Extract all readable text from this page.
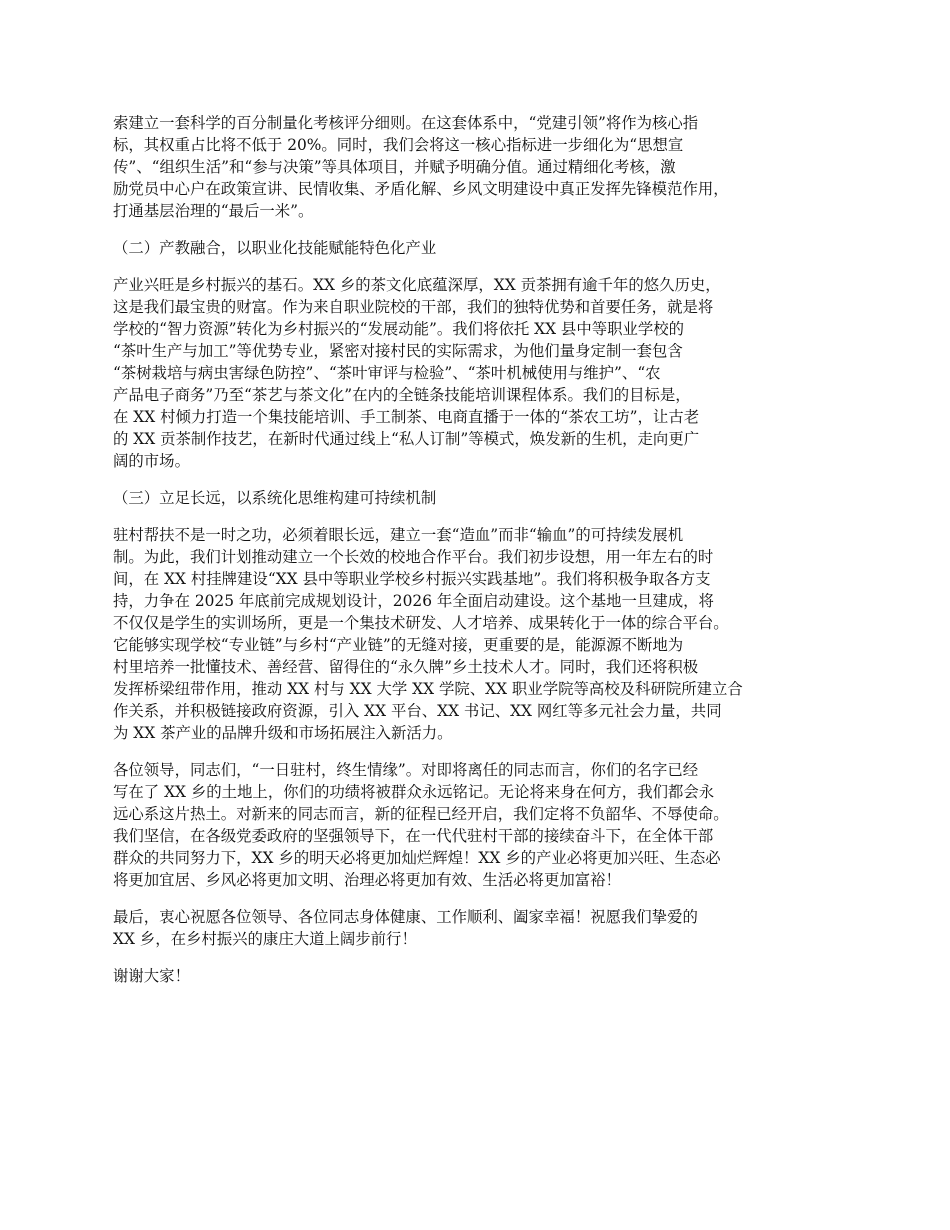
索建立一套科学的百分制量化考核评分细则。在这套体系中，“党建引领”将作为核心指
标，其权重占比将不低于 20%。同时，我们会将这一核心指标进一步细化为“思想宣
传”、“组织生活”和“参与决策”等具体项目，并赋予明确分值。通过精细化考核，激
励党员中心户在政策宣讲、民情收集、矛盾化解、乡风文明建设中真正发挥先锋模范作用，
打通基层治理的“最后一米”。

（二）产教融合，以职业化技能赋能特色化产业

产业兴旺是乡村振兴的基石。XX 乡的茶文化底蕴深厚，XX 贡茶拥有逾千年的悠久历史，
这是我们最宝贵的财富。作为来自职业院校的干部，我们的独特优势和首要任务，就是将
学校的“智力资源”转化为乡村振兴的“发展动能”。我们将依托 XX 县中等职业学校的
“茶叶生产与加工”等优势专业，紧密对接村民的实际需求，为他们量身定制一套包含
“茶树栽培与病虫害绿色防控”、“茶叶审评与检验”、“茶叶机械使用与维护”、“农
产品电子商务”乃至“茶艺与茶文化”在内的全链条技能培训课程体系。我们的目标是，
在 XX 村倾力打造一个集技能培训、手工制茶、电商直播于一体的“茶农工坊”，让古老
的 XX 贡茶制作技艺，在新时代通过线上“私人订制”等模式，焕发新的生机，走向更广
阔的市场。

（三）立足长远，以系统化思维构建可持续机制

驻村帮扶不是一时之功，必须着眼长远，建立一套“造血”而非“输血”的可持续发展机
制。为此，我们计划推动建立一个长效的校地合作平台。我们初步设想，用一年左右的时
间，在 XX 村挂牌建设“XX 县中等职业学校乡村振兴实践基地”。我们将积极争取各方支
持，力争在 2025 年底前完成规划设计，2026 年全面启动建设。这个基地一旦建成，将
不仅仅是学生的实训场所，更是一个集技术研发、人才培养、成果转化于一体的综合平台。
它能够实现学校“专业链”与乡村“产业链”的无缝对接，更重要的是，能源源不断地为
村里培养一批懂技术、善经营、留得住的“永久牌”乡土技术人才。同时，我们还将积极
发挥桥梁纽带作用，推动 XX 村与 XX 大学 XX 学院、XX 职业学院等高校及科研院所建立合
作关系，并积极链接政府资源，引入 XX 平台、XX 书记、XX 网红等多元社会力量，共同
为 XX 茶产业的品牌升级和市场拓展注入新活力。

各位领导，同志们，“一日驻村，终生情缘”。对即将离任的同志而言，你们的名字已经
写在了 XX 乡的土地上，你们的功绩将被群众永远铭记。无论将来身在何方，我们都会永
远心系这片热土。对新来的同志而言，新的征程已经开启，我们定将不负韶华、不辱使命。
我们坚信，在各级党委政府的坚强领导下，在一代代驻村干部的接续奋斗下，在全体干部
群众的共同努力下，XX 乡的明天必将更加灿烂辉煌！XX 乡的产业必将更加兴旺、生态必
将更加宜居、乡风必将更加文明、治理必将更加有效、生活必将更加富裕！

最后，衷心祝愿各位领导、各位同志身体健康、工作顺利、阖家幸福！祝愿我们挚爱的
XX 乡，在乡村振兴的康庄大道上阔步前行！

谢谢大家！
